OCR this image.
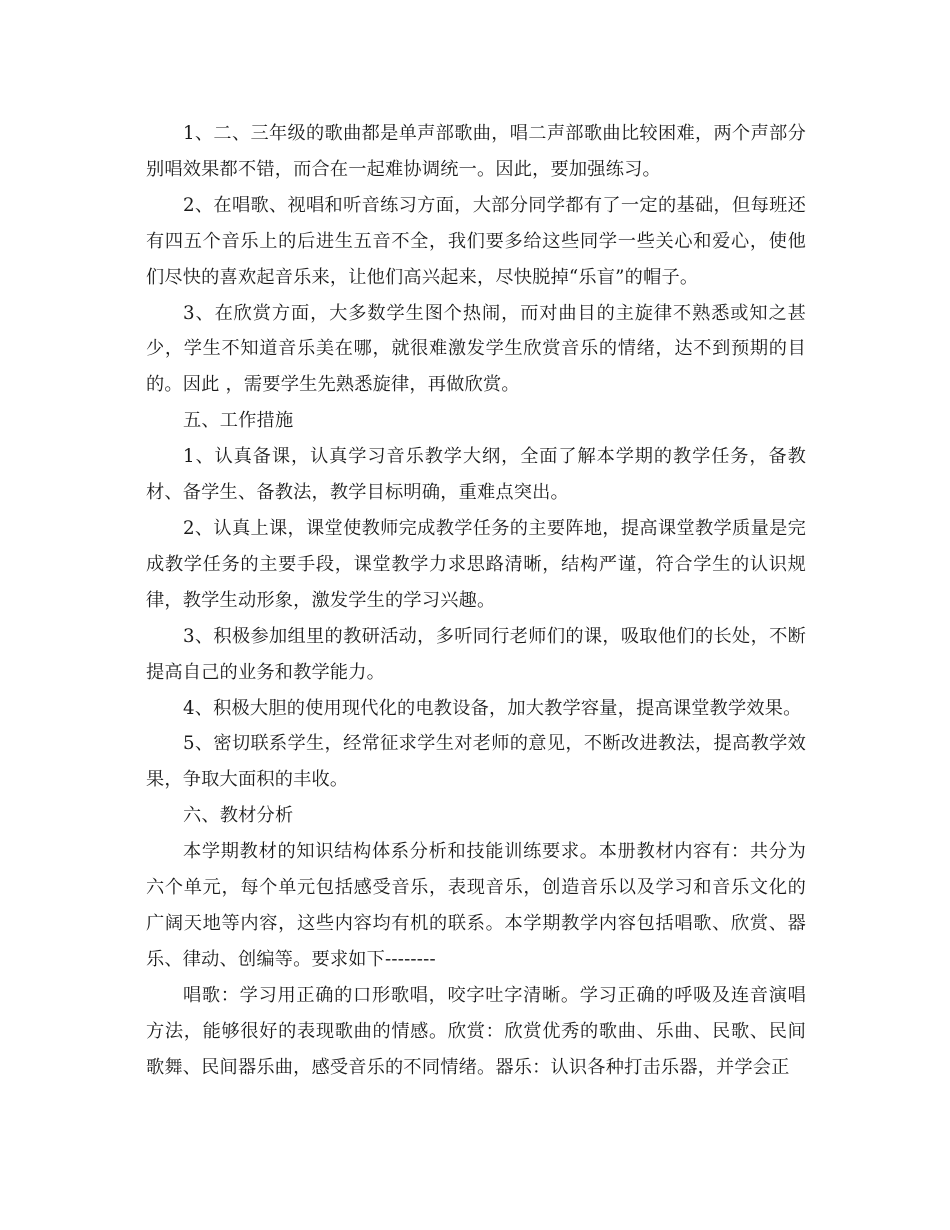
1、二、三年级的歌曲都是单声部歌曲，唱二声部歌曲比较困难，两个声部分别唱效果都不错，而合在一起难协调统一。因此，要加强练习。

2、在唱歌、视唱和听音练习方面，大部分同学都有了一定的基础，但每班还有四五个音乐上的后进生五音不全，我们要多给这些同学一些关心和爱心，使他们尽快的喜欢起音乐来，让他们高兴起来，尽快脱掉“乐盲”的帽子。

3、在欣赏方面，大多数学生图个热闹，而对曲目的主旋律不熟悉或知之甚少，学生不知道音乐美在哪，就很难激发学生欣赏音乐的情绪，达不到预期的目的。因此 ，需要学生先熟悉旋律，再做欣赏。

五、工作措施

1、认真备课，认真学习音乐教学大纲，全面了解本学期的教学任务，备教材、备学生、备教法，教学目标明确，重难点突出。

2、认真上课，课堂使教师完成教学任务的主要阵地，提高课堂教学质量是完成教学任务的主要手段，课堂教学力求思路清晰，结构严谨，符合学生的认识规律，教学生动形象，激发学生的学习兴趣。

3、积极参加组里的教研活动，多听同行老师们的课，吸取他们的长处，不断提高自己的业务和教学能力。

4、积极大胆的使用现代化的电教设备，加大教学容量，提高课堂教学效果。

5、密切联系学生，经常征求学生对老师的意见，不断改进教法，提高教学效果，争取大面积的丰收。

六、教材分析

本学期教材的知识结构体系分析和技能训练要求。本册教材内容有：共分为六个单元，每个单元包括感受音乐，表现音乐，创造音乐以及学习和音乐文化的广阔天地等内容，这些内容均有机的联系。本学期教学内容包括唱歌、欣赏、器乐、律动、创编等。要求如下--------

唱歌：学习用正确的口形歌唱，咬字吐字清晰。学习正确的呼吸及连音演唱方法，能够很好的表现歌曲的情感。欣赏：欣赏优秀的歌曲、乐曲、民歌、民间歌舞、民间器乐曲，感受音乐的不同情绪。器乐：认识各种打击乐器，并学会正
